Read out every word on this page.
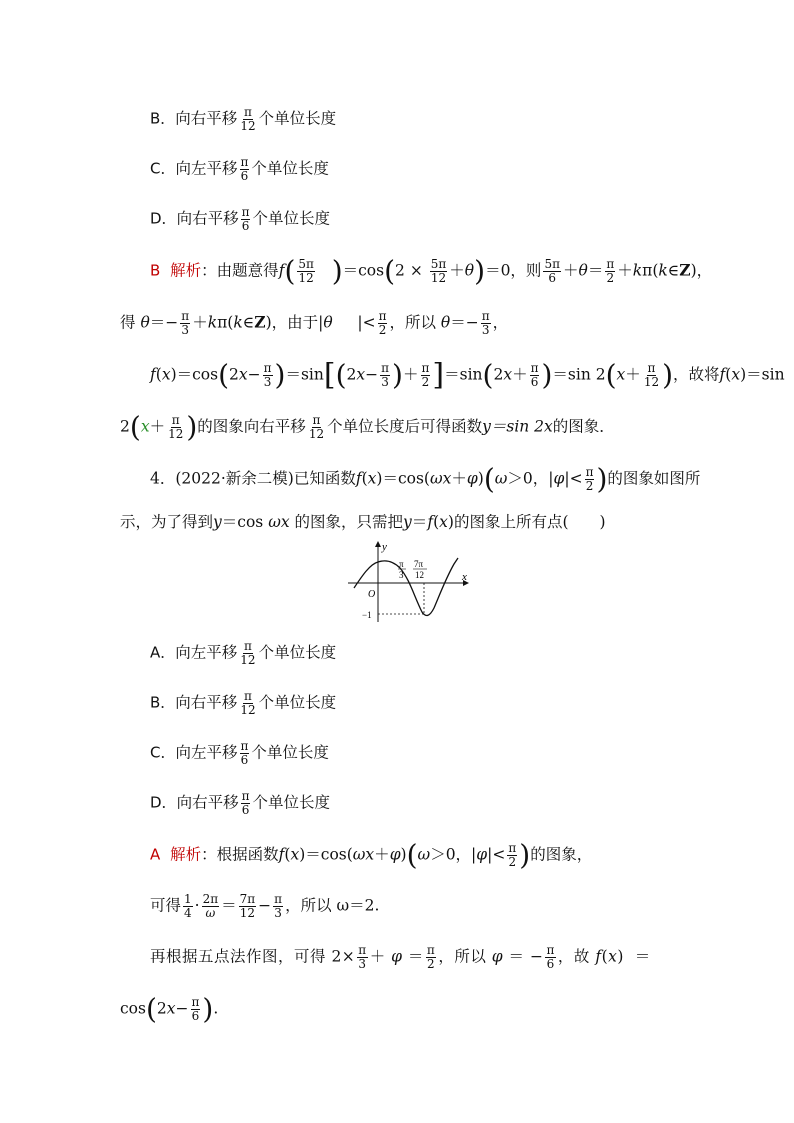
B．向右平移 $\frac{\pi}{12}$ 个单位长度
C．向左平移 $\frac{\pi}{6}$ 个单位长度
D．向右平移 $\frac{\pi}{6}$ 个单位长度
B 解析：由题意得$f( \frac{5\pi}{12} )=\cos(2 \times \frac{5\pi}{12} +\theta)=0$，则 $\frac{5\pi}{6} +\theta= \frac{\pi}{2}$ ＋kπ(k∈Z)，
得 $\theta=- \frac{\pi}{3}$ ＋kπ(k∈Z)，由于|θ     |< $\frac{\pi}{2}$ ，所以 $\theta=- \frac{\pi}{3}$ ，
$f(x)=\cos(2x- \frac{\pi}{3} )=\sin[(2x- \frac{\pi}{3}$ )＋ $\frac{\pi}{2} ]=\sin(2x+ \frac{\pi}{6} )=\sin$ $2(x+ \frac{\pi}{12}$ )，故将f(x)＝sin
$2(x+ \frac{\pi}{12}$ )的图象向右平移 $\frac{\pi}{12}$ 个单位长度后可得函数y＝sin 2x的图象．
4．(2022·新余二模)已知函数f(x)＝cos(ωx＋φ)(ω＞0，$|\varphi|< \frac{\pi}{2}$ )的图象如图所
示，为了得到y＝cos ωx 的图象，只需把y＝f(x)的图象上所有点(　　)
y
x
O
−1
π
3
7π
12
A．向左平移 $\frac{\pi}{12}$ 个单位长度
B．向右平移 $\frac{\pi}{12}$ 个单位长度
C．向左平移 $\frac{\pi}{6}$ 个单位长度
D．向右平移 $\frac{\pi}{6}$ 个单位长度
A 解析：根据函数f(x)＝cos(ωx＋φ)(ω＞0，$|\varphi|< \frac{\pi}{2}$ )的图象，
可得 $\frac{1}{4} \cdot \frac{2\pi}{\omega} = \frac{7\pi}{12} - \frac{\pi}{3}$ ，所以 ω＝2.
再根据五点法作图，可得 $2\times \frac{\pi}{3} + \varphi = \frac{\pi}{2}$ ，所以 φ ＝ − $\frac{\pi}{6}$ ，故 f(x)  ＝
$\cos(2x- \frac{\pi}{6}$ ).
